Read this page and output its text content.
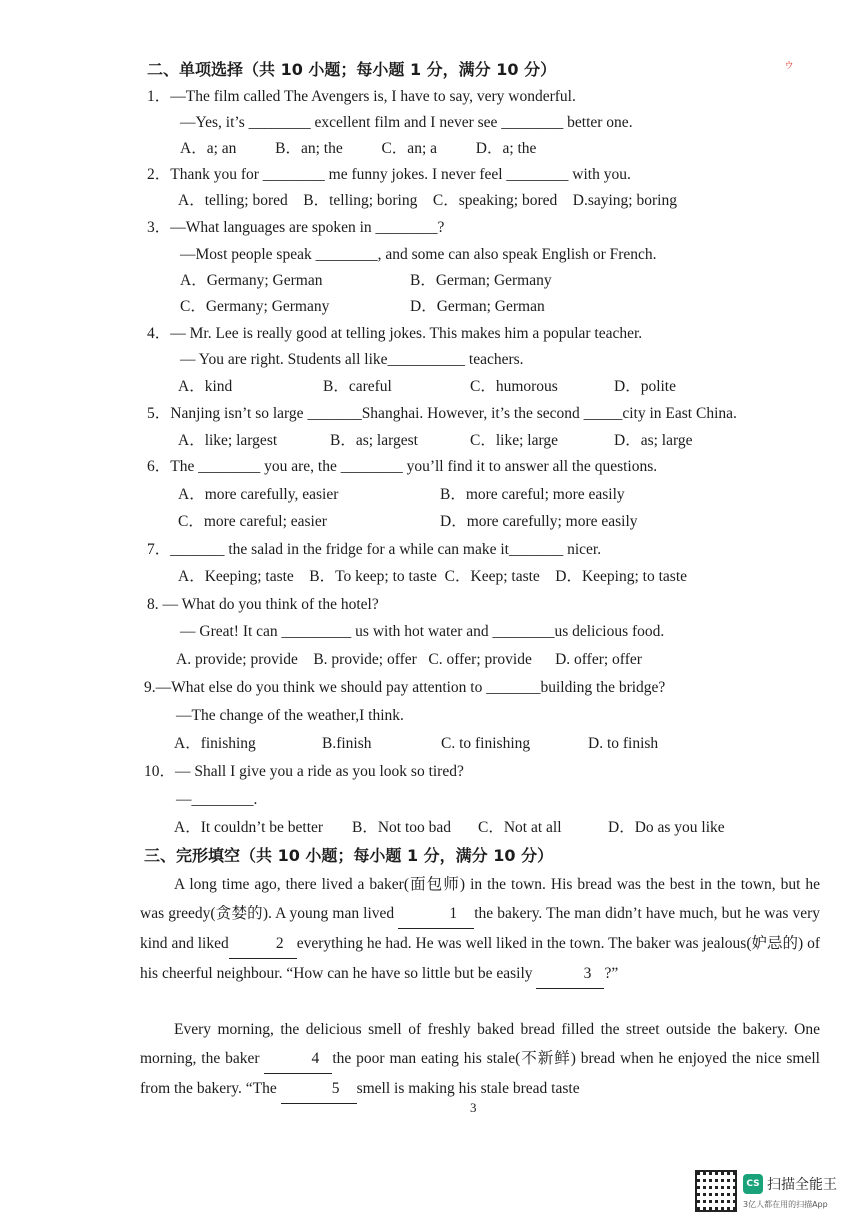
ゥ
二、单项选择（共 10 小题；每小题 1 分，满分 10 分）
1．—The film called The Avengers is, I have to say, very wonderful.
—Yes, it’s ________ excellent film and I never see ________ better one.
A．a; an          B．an; the          C．an; a          D．a; the
2．Thank you for ________ me funny jokes. I never feel ________ with you.
A．telling; bored    B．telling; boring    C．speaking; bored    D.saying; boring
3．—What languages are spoken in ________?
—Most people speak ________, and some can also speak English or French.
A．Germany; German	B．German; Germany
C．Germany; Germany	D．German; German
4．— Mr. Lee is really good at telling jokes. This makes him a popular teacher.
— You are right. Students all like__________ teachers.
A．kind	B．careful	C．humorous	D．polite
5．Nanjing isn’t so large _______Shanghai. However, it’s the second _____city in East China.
A．like; largest	B．as; largest	C．like; large	D．as; large
6．The ________ you are, the ________ you’ll find it to answer all the questions.
A．more carefully, easier	B．more careful; more easily
C．more careful; easier	D．more carefully; more easily
7．_______ the salad in the fridge for a while can make it_______ nicer.
A．Keeping; taste    B．To keep; to taste  C．Keep; taste    D．Keeping; to taste
8. — What do you think of the hotel?
— Great! It can _________ us with hot water and ________us delicious food.
A. provide; provide    B. provide; offer   C. offer; provide      D. offer; offer
9.—What else do you think we should pay attention to _______building the bridge?
—The change of the weather,I think.
A．finishing	B.finish	C. to finishing	D. to finish
10．— Shall I give you a ride as you look so tired?
—________.
A．It couldn’t be better B．Not too bad C．Not at all	D．Do as you like
三、完形填空（共 10 小题；每小题 1 分，满分 10 分）
A long time ago, there lived a baker(面包师) in the town. His bread was the best in the town, but he was greedy(贪婪的). A young man lived	1 the bakery. The man didn’t have much, but he was very kind and liked	2 everything he had. He was well liked in the town. The baker was jealous(妒忌的) of his cheerful neighbour. “How can he have so little but be easily	3 ?”
Every morning, the delicious smell of freshly baked bread filled the street outside the bakery. One morning, the baker	4 the poor man eating his stale(不新鲜) bread when he enjoyed the nice smell from the bakery. “The	5 smell is making his stale bread taste
3
CS 扫描全能王
3亿人都在用的扫描App
